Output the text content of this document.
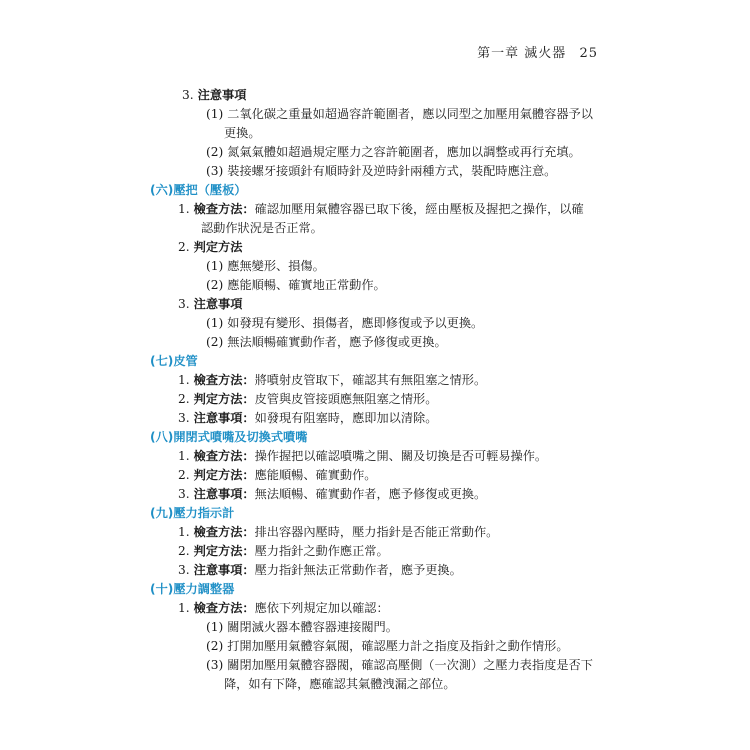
第一章 滅火器 25
3. 注意事項
(1) 二氧化碳之重量如超過容許範圍者，應以同型之加壓用氣體容器予以
更換。
(2) 氮氣氣體如超過規定壓力之容許範圍者，應加以調整或再行充填。
(3) 裝接螺牙接頭針有順時針及逆時針兩種方式，裝配時應注意。
(六)壓把（壓板）
1. 檢查方法：確認加壓用氣體容器已取下後，經由壓板及握把之操作，以確
認動作狀況是否正常。
2. 判定方法
(1) 應無變形、損傷。
(2) 應能順暢、確實地正常動作。
3. 注意事項
(1) 如發現有變形、損傷者，應即修復或予以更換。
(2) 無法順暢確實動作者，應予修復或更換。
(七)皮管
1. 檢查方法：將噴射皮管取下，確認其有無阻塞之情形。
2. 判定方法：皮管與皮管接頭應無阻塞之情形。
3. 注意事項：如發現有阻塞時，應即加以清除。
(八)開閉式噴嘴及切換式噴嘴
1. 檢查方法：操作握把以確認噴嘴之開、關及切換是否可輕易操作。
2. 判定方法：應能順暢、確實動作。
3. 注意事項：無法順暢、確實動作者，應予修復或更換。
(九)壓力指示計
1. 檢查方法：排出容器內壓時，壓力指針是否能正常動作。
2. 判定方法：壓力指針之動作應正常。
3. 注意事項：壓力指針無法正常動作者，應予更換。
(十)壓力調整器
1. 檢查方法：應依下列規定加以確認：
(1) 關閉滅火器本體容器連接閥門。
(2) 打開加壓用氣體容氣閥，確認壓力計之指度及指針之動作情形。
(3) 關閉加壓用氣體容器閥，確認高壓側（一次測）之壓力表指度是否下
降，如有下降，應確認其氣體洩漏之部位。
